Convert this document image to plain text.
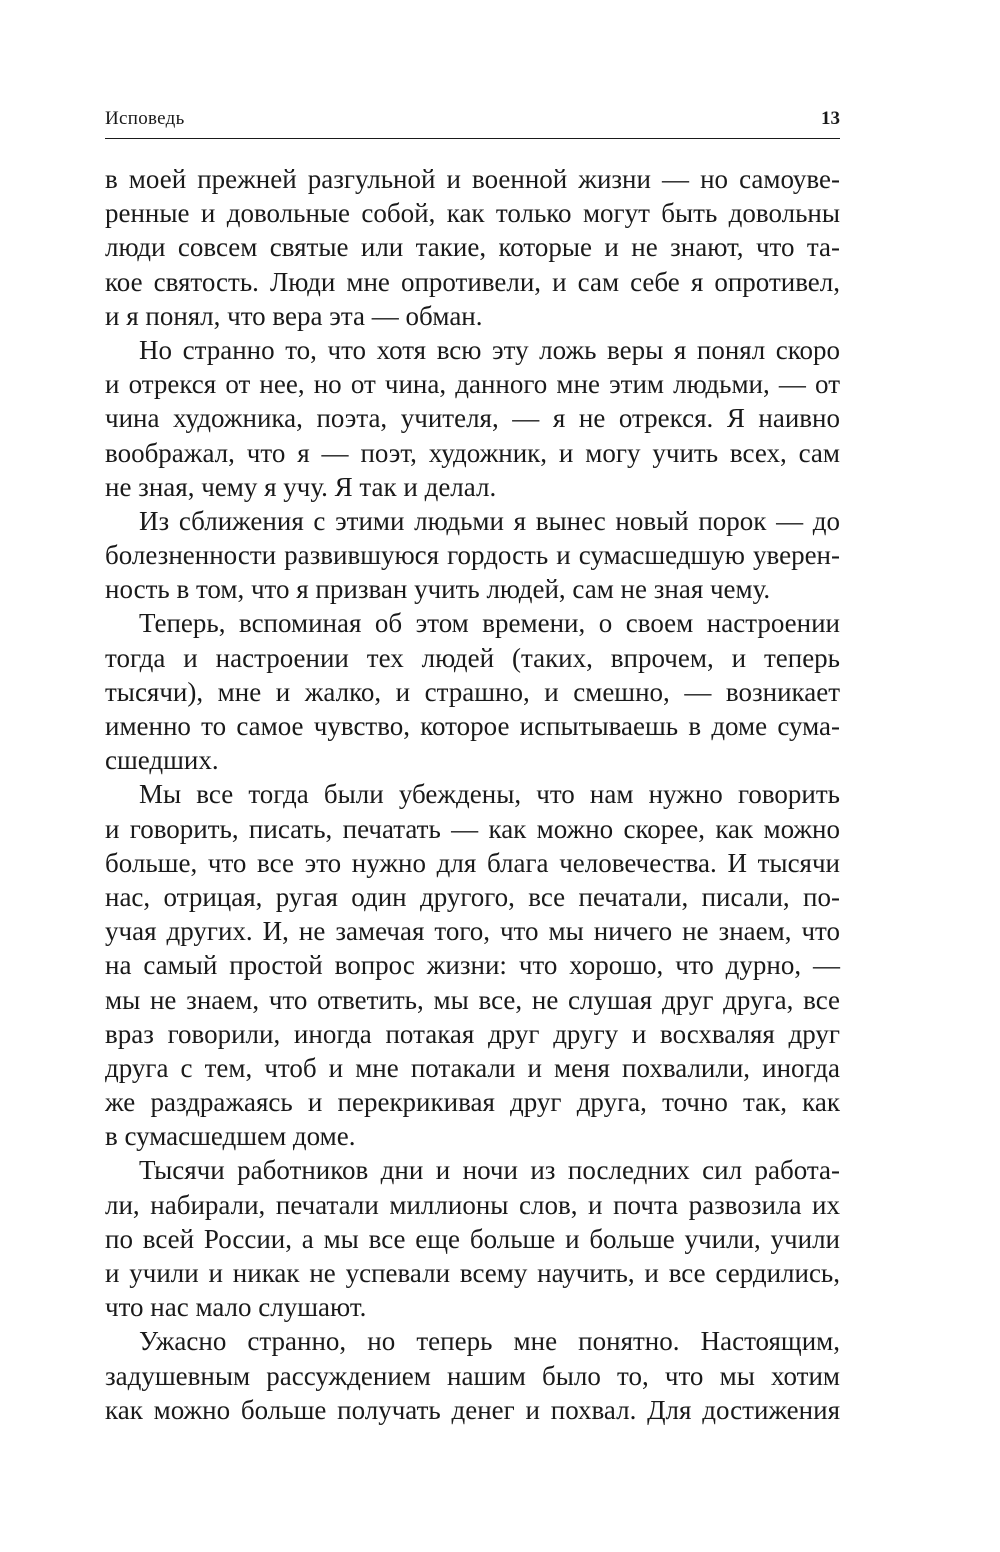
Исповедь	13
в моей прежней разгульной и военной жизни — но самоуве-
ренные и довольные собой, как только могут быть довольны
люди совсем святые или такие, которые и не знают, что та-
кое святость. Люди мне опротивели, и сам себе я опротивел,
и я понял, что вера эта — обман.
Но странно то, что хотя всю эту ложь веры я понял скоро
и отрекся от нее, но от чина, данного мне этим людьми, — от
чина художника, поэта, учителя, — я не отрекся. Я наивно
воображал, что я — поэт, художник, и могу учить всех, сам
не зная, чему я учу. Я так и делал.
Из сближения с этими людьми я вынес новый порок — до
болезненности развившуюся гордость и сумасшедшую уверен-
ность в том, что я призван учить людей, сам не зная чему.
Теперь, вспоминая об этом времени, о своем настроении
тогда и настроении тех людей (таких, впрочем, и теперь
тысячи), мне и жалко, и страшно, и смешно, — возникает
именно то самое чувство, которое испытываешь в доме сума-
сшедших.
Мы все тогда были убеждены, что нам нужно говорить
и говорить, писать, печатать — как можно скорее, как можно
больше, что все это нужно для блага человечества. И тысячи
нас, отрицая, ругая один другого, все печатали, писали, по-
учая других. И, не замечая того, что мы ничего не знаем, что
на самый простой вопрос жизни: что хорошо, что дурно, —
мы не знаем, что ответить, мы все, не слушая друг друга, все
враз говорили, иногда потакая друг другу и восхваляя друг
друга с тем, чтоб и мне потакали и меня похвалили, иногда
же раздражаясь и перекрикивая друг друга, точно так, как
в сумасшедшем доме.
Тысячи работников дни и ночи из последних сил работа-
ли, набирали, печатали миллионы слов, и почта развозила их
по всей России, а мы все еще больше и больше учили, учили
и учили и никак не успевали всему научить, и все сердились,
что нас мало слушают.
Ужасно странно, но теперь мне понятно. Настоящим,
задушевным рассуждением нашим было то, что мы хотим
как можно больше получать денег и похвал. Для достижения
